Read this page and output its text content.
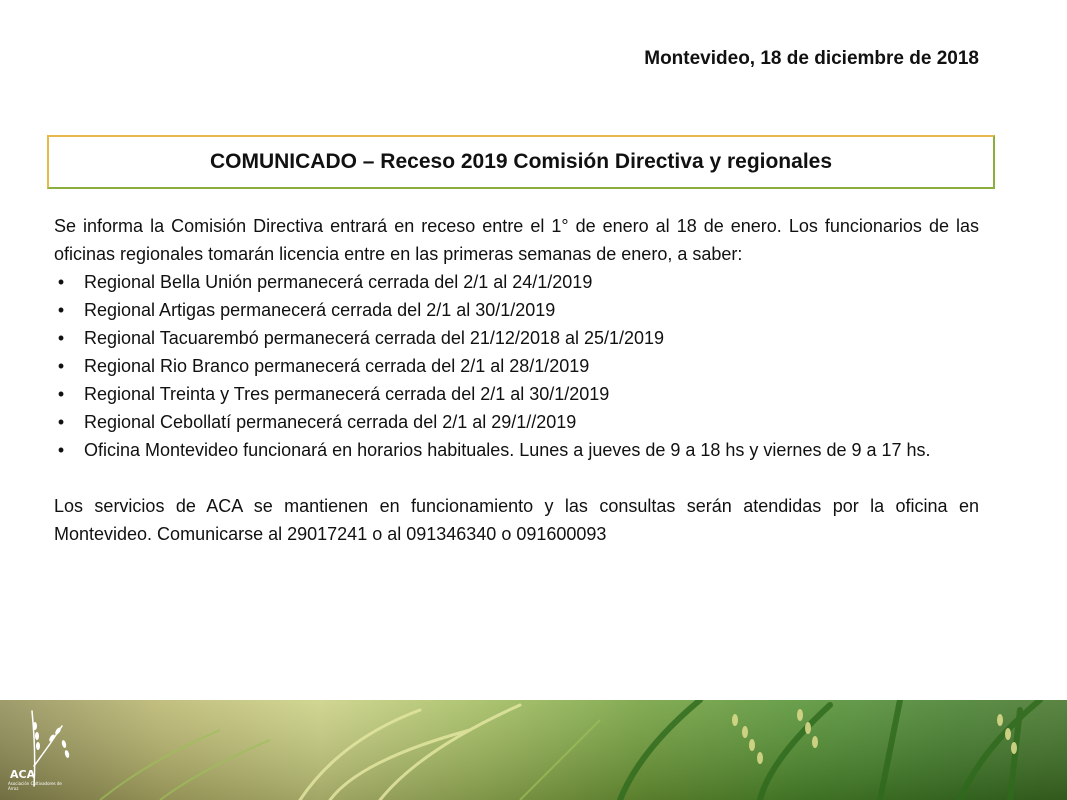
Montevideo, 18 de diciembre de 2018
COMUNICADO – Receso 2019 Comisión Directiva y regionales

Se informa la Comisión Directiva entrará en receso entre el 1° de enero al 18 de enero. Los funcionarios de las oficinas regionales tomarán licencia entre en las primeras semanas de enero, a saber:

• Regional Bella Unión permanecerá cerrada del 2/1 al 24/1/2019
• Regional Artigas permanecerá cerrada del 2/1 al 30/1/2019
• Regional Tacuarembó permanecerá cerrada del 21/12/2018 al 25/1/2019
• Regional Rio Branco permanecerá cerrada del 2/1 al 28/1/2019
• Regional Treinta y Tres permanecerá cerrada del 2/1 al 30/1/2019
• Regional Cebollatí permanecerá cerrada del 2/1 al 29/1//2019
• Oficina Montevideo funcionará en horarios habituales. Lunes a jueves de 9 a 18 hs y viernes de 9 a 17 hs.

Los servicios de ACA se mantienen en funcionamiento y las consultas serán atendidas por la oficina en Montevideo. Comunicarse al 29017241 o al 091346340 o 091600093

ACA
Asociación Cultivadores de Arroz
